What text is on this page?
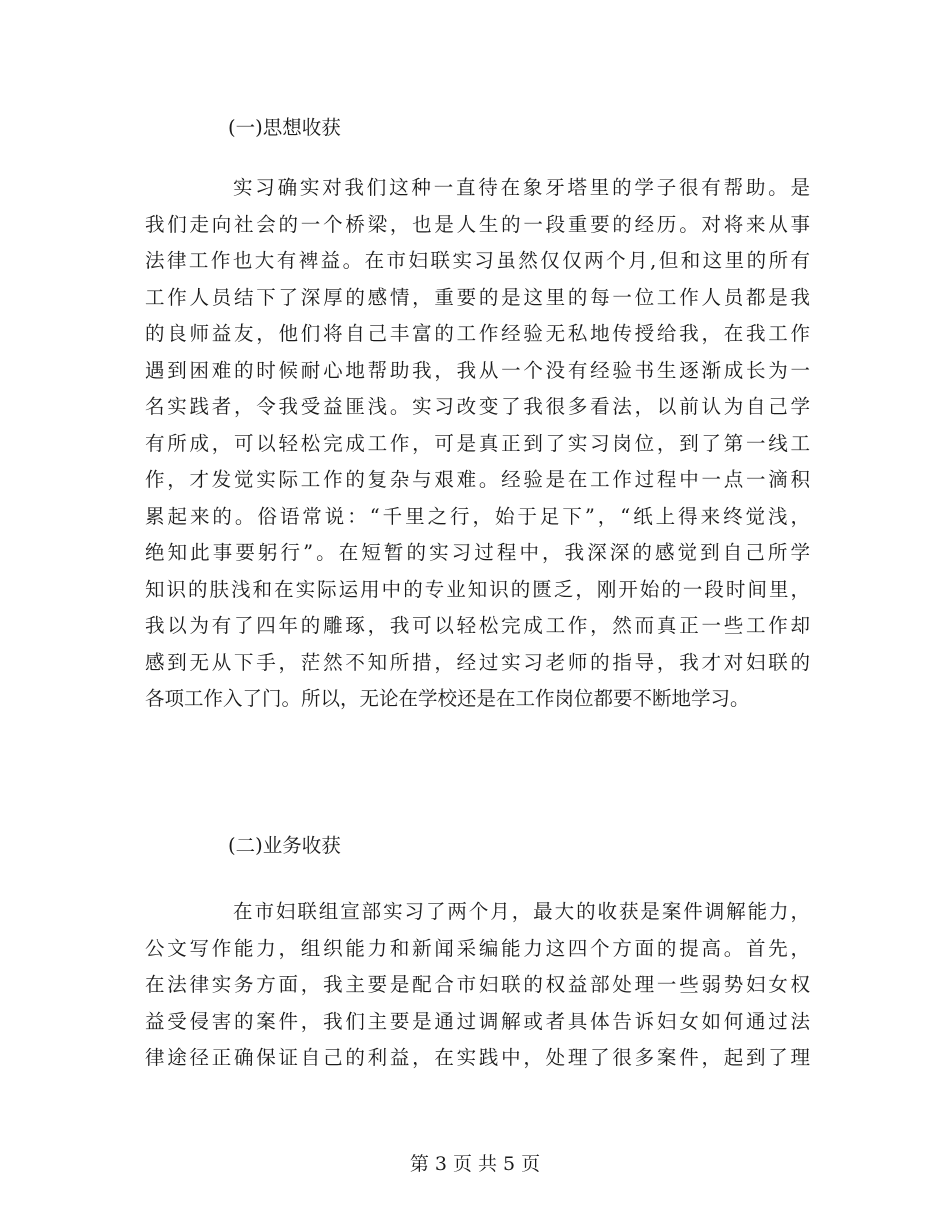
(一)思想收获
实习确实对我们这种一直待在象牙塔里的学子很有帮助。是
我们走向社会的一个桥梁，也是人生的一段重要的经历。对将来从事
法律工作也大有裨益。在市妇联实习虽然仅仅两个月,但和这里的所有
工作人员结下了深厚的感情，重要的是这里的每一位工作人员都是我
的良师益友，他们将自己丰富的工作经验无私地传授给我，在我工作
遇到困难的时候耐心地帮助我，我从一个没有经验书生逐渐成长为一
名实践者，令我受益匪浅。实习改变了我很多看法，以前认为自己学
有所成，可以轻松完成工作，可是真正到了实习岗位，到了第一线工
作，才发觉实际工作的复杂与艰难。经验是在工作过程中一点一滴积
累起来的。俗语常说：“千里之行，始于足下”，“纸上得来终觉浅，
绝知此事要躬行”。在短暂的实习过程中，我深深的感觉到自己所学
知识的肤浅和在实际运用中的专业知识的匮乏，刚开始的一段时间里，
我以为有了四年的雕琢，我可以轻松完成工作，然而真正一些工作却
感到无从下手，茫然不知所措，经过实习老师的指导，我才对妇联的
各项工作入了门。所以，无论在学校还是在工作岗位都要不断地学习。
(二)业务收获
在市妇联组宣部实习了两个月，最大的收获是案件调解能力，
公文写作能力，组织能力和新闻采编能力这四个方面的提高。首先，
在法律实务方面，我主要是配合市妇联的权益部处理一些弱势妇女权
益受侵害的案件，我们主要是通过调解或者具体告诉妇女如何通过法
律途径正确保证自己的利益，在实践中，处理了很多案件，起到了理
第 3 页 共 5 页
